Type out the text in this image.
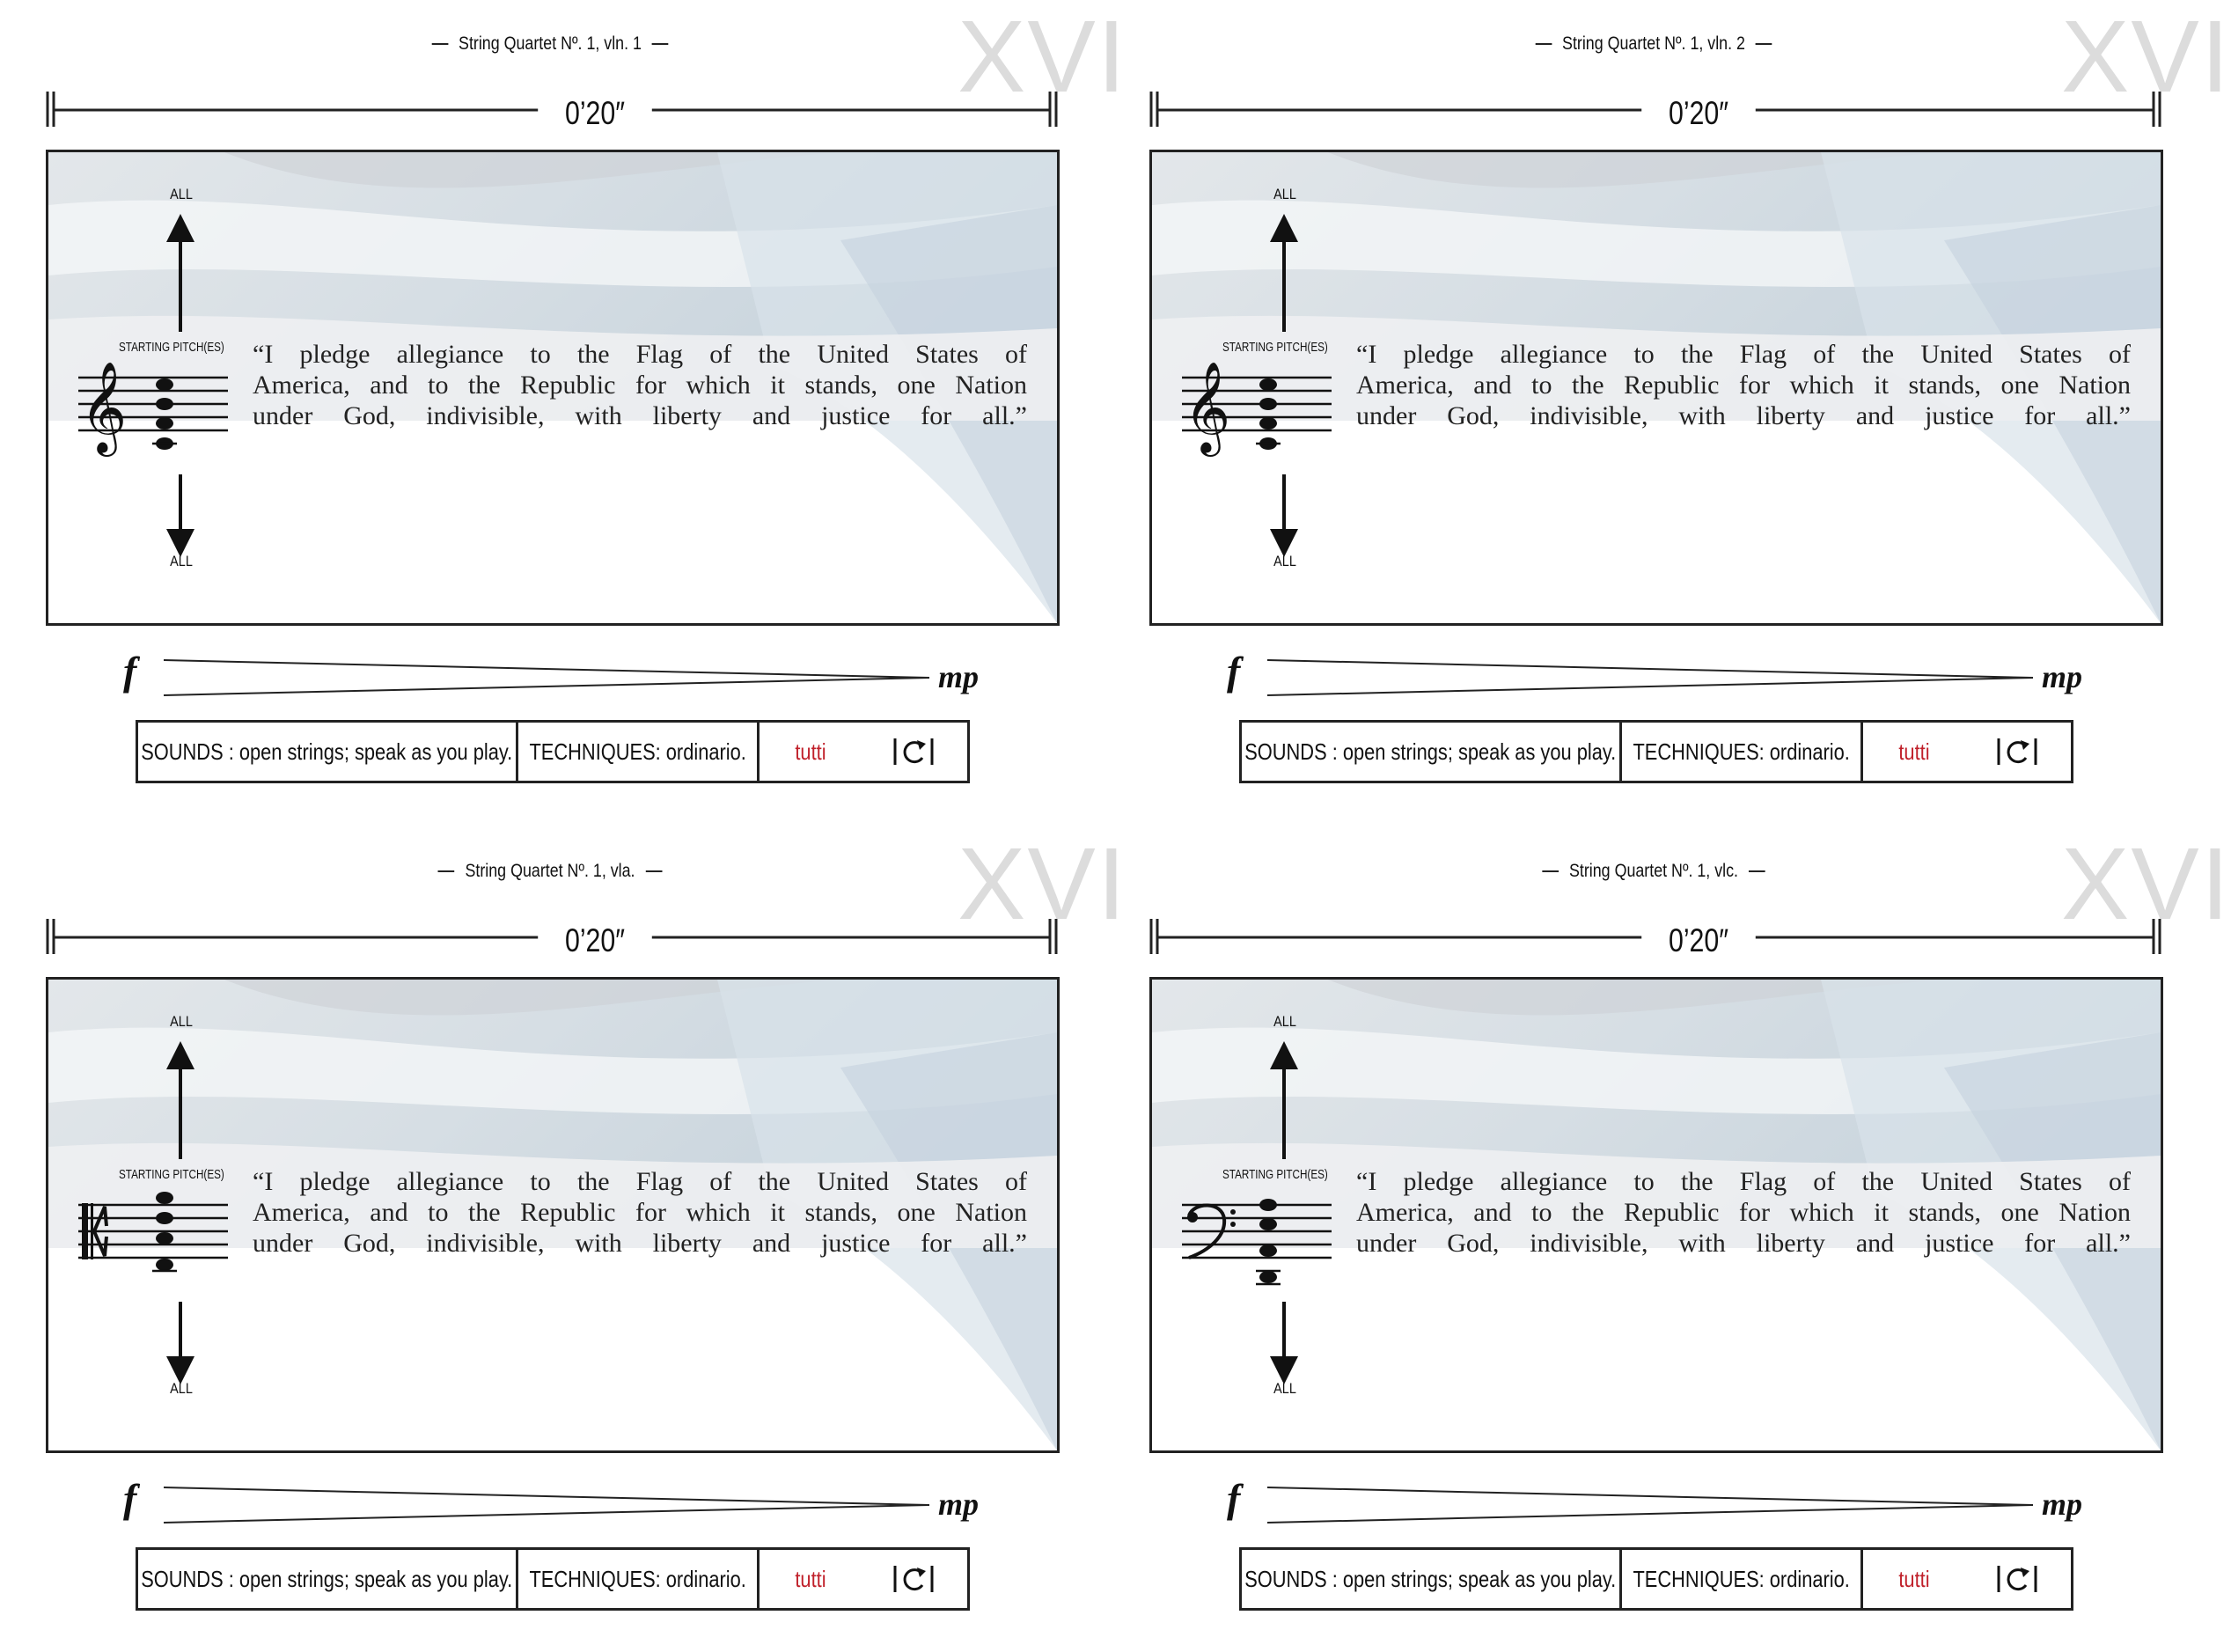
String Quartet Nº. 1, vln. 1	XVI
0’20″
ALL
STARTING PITCH(ES)
𝄞
“I pledge allegiance to the Flag of the United States of
America, and to the Republic for which it stands, one Nation
under God, indivisible, with liberty and justice for all.”
ALL
f	mp
SOUNDS : open strings; speak as you play. TECHNIQUES: ordinario. tutti
String Quartet Nº. 1, vln. 2	XVI
0’20″
ALL
STARTING PITCH(ES)
𝄞
“I pledge allegiance to the Flag of the United States of
America, and to the Republic for which it stands, one Nation
under God, indivisible, with liberty and justice for all.”
ALL
f	mp
SOUNDS : open strings; speak as you play. TECHNIQUES: ordinario. tutti
String Quartet Nº. 1, vla.	XVI
0’20″
ALL
STARTING PITCH(ES) “I pledge allegiance to the Flag of the United States of
America, and to the Republic for which it stands, one Nation
under God, indivisible, with liberty and justice for all.”
ALL
f	mp
SOUNDS : open strings; speak as you play. TECHNIQUES: ordinario. tutti
String Quartet Nº. 1, vlc.	XVI
0’20″
ALL
STARTING PITCH(ES) “I pledge allegiance to the Flag of the United States of
America, and to the Republic for which it stands, one Nation
under God, indivisible, with liberty and justice for all.”
ALL
f	mp
SOUNDS : open strings; speak as you play. TECHNIQUES: ordinario. tutti
